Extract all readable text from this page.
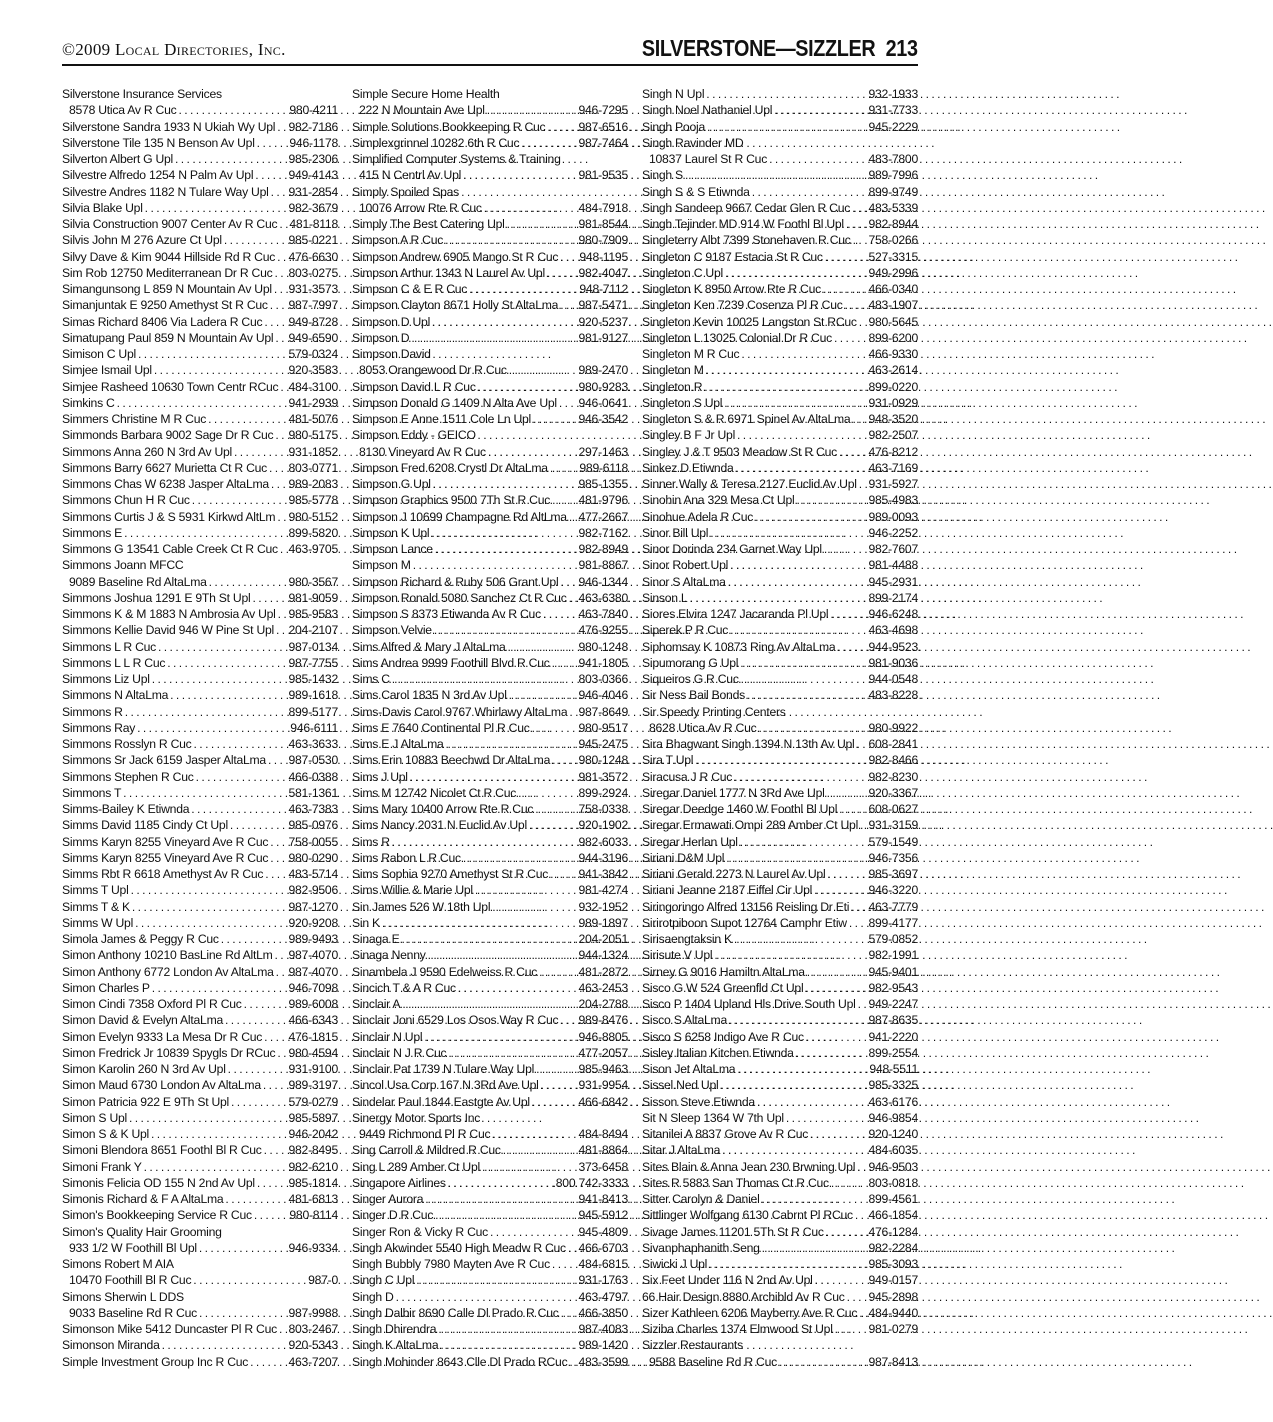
©2009 Local Directories, Inc.	SILVERSTONE—SIZZLER 213
Silverstone Insurance Services
8578 Utica Av R Cuc . . .	980-4211
Silverstone Sandra 1933 N Ukiah Wy Upl . . . 982-7186
Silverstone Tile 135 N Benson Av Upl . . .	946-1178
Silverton Albert G Upl . . .	985-2306
Silvestre Alfredo 1254 N Palm Av Upl . . .	949-4143
Silvestre Andres 1182 N Tulare Way Upl . . . 931-2854
Silvia Blake Upl . . .	982-3679
Silvia Construction 9007 Center Av R Cuc . . . 481-8118
Silvis John M 276 Azure Ct Upl . . .	985-0221
Silvy Dave & Kim 9044 Hillside Rd R Cuc . . . 476-6630
Sim Rob 12750 Mediterranean Dr R Cuc . . . 803-0275
Simangunsong L 859 N Mountain Av Upl . . . 931-3573
Simanjuntak E 9250 Amethyst St R Cuc . . . 987-7997
Simas Richard 8406 Via Ladera R Cuc . . . 949-8728
Simatupang Paul 859 N Mountain Av Upl . . . 949-6590
Simison C Upl . . .	579-0324
Simjee Ismail Upl . . .	920-3583
Simjee Rasheed 10630 Town Centr RCuc . . . 484-3100
Simkins C . . .	941-2939
Simmers Christine M R Cuc . . .	481-5076
Simmonds Barbara 9002 Sage Dr R Cuc . . . 980-5175
Simmons Anna 260 N 3rd Av Upl . . .	931-1852
Simmons Barry 6627 Murietta Ct R Cuc . . . 803-0771
Simmons Chas W 6238 Jasper AltaLma . . . 989-2083
Simmons Chun H R Cuc . . .	985-5778
Simmons Curtis J & S 5931 Kirkwd AltLm . . . 980-5152
Simmons E . . .	899-5820
Simmons G 13541 Cable Creek Ct R Cuc . . . 463-9705
Simmons Joann MFCC
9089 Baseline Rd AltaLma . . .	980-3567
Simmons Joshua 1291 E 9Th St Upl . . .	981-9059
Simmons K & M 1883 N Ambrosia Av Upl . . . 985-9583
Simmons Kellie David 946 W Pine St Upl . . . 204-2107
Simmons L R Cuc . . .	987-0134
Simmons L L R Cuc . . .	987-7755
Simmons Liz Upl . . .	985-1432
Simmons N AltaLma . . .	989-1618
Simmons R . . .	899-5177
Simmons Ray . . .	946-6111
Simmons Rosslyn R Cuc . . .	463-3633
Simmons Sr Jack 6159 Jasper AltaLma . . . 987-0530
Simmons Stephen R Cuc . . .	466-0388
Simmons T . . .	581-1361
Simms-Bailey K Etiwnda . . .	463-7383
Simms David 1185 Cindy Ct Upl . . .	985-0976
Simms Karyn 8255 Vineyard Ave R Cuc . . . 758-0055
Simms Karyn 8255 Vineyard Ave R Cuc . . . 980-0290
Simms Rbt R 6618 Amethyst Av R Cuc . . . 483-5714
Simms T Upl . . .	982-9506
Simms T & K . . .	987-1270
Simms W Upl . . .	920-9208
Simola James & Peggy R Cuc . . .	989-9493
Simon Anthony 10210 BasLine Rd AltLm . . . 987-4070
Simon Anthony 6772 London Av AltaLma . . . 987-4070
Simon Charles P . . .	946-7098
Simon Cindi 7358 Oxford Pl R Cuc . . .	989-6008
Simon David & Evelyn AltaLma . . .	466-6343
Simon Evelyn 9333 La Mesa Dr R Cuc . . . 476-1815
Simon Fredrick Jr 10839 Spygls Dr RCuc . . . 980-4594
Simon Karolin 260 N 3rd Av Upl . . .	931-9100
Simon Maud 6730 London Av AltaLma . . . 989-3197
Simon Patricia 922 E 9Th St Upl . . .	579-0279
Simon S Upl . . .	985-5897
Simon S & K Upl . . .	946-2042
Simoni Blendora 8651 Foothl Bl R Cuc . . . 982-8495
Simoni Frank Y . . .	982-6210
Simonis Felicia OD 155 N 2nd Av Upl . . .	985-1814
Simonis Richard & F A AltaLma . . .	481-6813
Simon's Bookkeeping Service R Cuc . . .	980-8114
Simon's Quality Hair Grooming
933 1/2 W Foothill Bl Upl . . .	946-9334
Simons Robert M AIA
10470 Foothill Bl R Cuc . . .	987-0
Simons Sherwin L DDS
9033 Baseline Rd R Cuc . . .	987-9988
Simonson Mike 5412 Duncaster Pl R Cuc . . . 803-2467
Simonson Miranda . . .	920-5343
Simple Investment Group Inc R Cuc . . .	463-7207
Simple Secure Home Health
222 N Mountain Ave Upl . . .	946-7295
Simple Solutions Bookkeeping R Cuc . . .	987-6516
Simplexgrinnel 10282 6th R Cuc . . .	987-7464
Simplified Computer Systems & Training
415 N Centrl Av Upl . . .	981-9535
Simply Spoiled Spas
10076 Arrow Rte R Cuc . . .	484-7918
Simply The Best Catering Upl . . .	981-8544
Simpson A R Cuc . . .	980-7909
Simpson Andrew 6905 Mango St R Cuc . . . 948-1195
Simpson Arthur 1343 N Laurel Av Upl . . .	982-4047
Simpson C & E R Cuc . . .	948-7112
Simpson Clayton 8671 Holly St AltaLma . . . 987-5471
Simpson D Upl . . .	920-5237
Simpson D . . .	981-9127
Simpson David
8053 Orangewood Dr R Cuc . . .	989-2470
Simpson David L R Cuc . . .	980-9283
Simpson Donald G 1409 N Alta Ave Upl . . . 946-0641
Simpson E Anne 1511 Cole Ln Upl . . .	946-3542
Simpson Eddy - GEICO
8130 Vineyard Av R Cuc . . .	297-1463
Simpson Fred 6208 Crystl Dr AltaLma . . .	989-6118
Simpson G Upl . . .	985-1355
Simpson Graphics 9500 7Th St R Cuc . . . 481-9796
Simpson J 10699 Champagne Rd AltLma . . . 477-2667
Simpson K Upl . . .	982-7162
Simpson Lance . . .	982-8949
Simpson M . . .	981-8867
Simpson Richard & Ruby 506 Grant Upl . . . 946-1344
Simpson Ronald 5080 Sanchez Ct R Cuc . . . 463-6380
Simpson S 8373 Etiwanda Av R Cuc . . .	463-7840
Simpson Velvie . . .	476-9255
Sims Alfred & Mary J AltaLma . . .	980-1248
Sims Andrea 9999 Foothill Blvd R Cuc . . . 941-1805
Sims C . . .	803-0366
Sims Carol 1835 N 3rd Av Upl . . .	946-4046
Sims-Davis Carol 9767 Whirlawy AltaLma . . . 987-8649
Sims E 7640 Continental Pl R Cuc . . .	980-9517
Sims E J AltaLma . . .	945-2475
Sims Erin 10883 Beechwd Dr AltaLma . . . 980-1248
Sims J Upl . . .	981-3572
Sims M 12742 Nicolet Ct R Cuc . . .	899-2924
Sims Mary 10400 Arrow Rte R Cuc . . .	758-0338
Sims Nancy 2031 N Euclid Av Upl . . .	920-1902
Sims R . . .	982-6033
Sims Rabon L R Cuc . . .	944-3196
Sims Sophia 9270 Amethyst St R Cuc . . . 941-3842
Sims Willie & Marie Upl . . .	981-4274
Sin James 526 W 18th Upl . . .	932-1952
Sin K . . .	989-1897
Sinaga E . . .	204-2051
Sinaga Nenny . . .	944-1324
Sinambela J 9590 Edelweiss R Cuc . . .	481-2872
Sincich T & A R Cuc . . .	463-2453
Sinclair A . . .	204-2788
Sinclair Joni 6529 Los Osos Way R Cuc . . . 989-8476
Sinclair N Upl . . .	946-8805
Sinclair N J R Cuc . . .	477-2057
Sinclair Pat 1739 N Tulare Way Upl . . .	985-9463
Sincol Usa Corp 167 N 3Rd Ave Upl . . .	931-9954
Sindelar Paul 1844 Eastgte Av Upl . . .	466-6842
Sinergy Motor Sports Inc
9449 Richmond Pl R Cuc . . .	484-8494
Sing Carroll & Mildred R Cuc . . .	481-8864
Sing L 289 Amber Ct Upl . . .	373-6458
Singapore Airlines . . .	.800 742-3333
Singer Aurora . . .	941-8413
Singer D R Cuc . . .	945-5912
Singer Ron & Vicky R Cuc . . .	945-4809
Singh Akwinder 5540 High Meadw R Cuc . . . 466-6703
Singh Bubbly 7980 Mayten Ave R Cuc . . . 484-6815
Singh C Upl . . .	931-1763
Singh D . . .	463-4797
Singh Dalbir 8690 Calle Dl Prado R Cuc . . . 466-3850
Singh Dhirendra . . .	987-4083
Singh K AltaLma . . .	989-1420
Singh Mohinder 8643 Clle Dl Prado RCuc . . . 483-3599
Singh N Upl . . .	932-1933
Singh Noel Nathaniel Upl . . .	931-7733
Singh Pooja . . .	945-2229
Singh Ravinder MD
10837 Laurel St R Cuc . . .	483-7800
Singh S . . .	989-7996
Singh S & S Etiwnda . . .	899-9749
Singh Sandeep 9667 Cedar Glen R Cuc . . . 483-5339
Singh Tejinder MD 914 W Foothl Bl Upl . . . 982-8944
Singleterry Albt 7399 Stonehaven R Cuc . . . 758-0266
Singleton C 9187 Estacia St R Cuc . . .	527-3315
Singleton C Upl . . .	949-2996
Singleton K 8950 Arrow Rte R Cuc . . .	466-0340
Singleton Ken 7239 Cosenza Pl R Cuc . . . 483-1907
Singleton Kevin 10025 Langston St RCuc . . . 980-5645
Singleton L 13025 Colonial Dr R Cuc . . .	899-6200
Singleton M R Cuc . . .	466-9330
Singleton M . . .	463-2614
Singleton R . . .	899-0220
Singleton S Upl . . .	931-0929
Singleton S & R 6971 Spinel Av AltaLma . . . 948-3520
Singley B F Jr Upl . . .	982-2507
Singley J & T 9503 Meadow St R Cuc . . .	476-8212
Sinkez D Etiwnda . . .	463-7169
Sinner Wally & Teresa 2127 Euclid Av Upl . . . 931-5927
Sinohin Ana 329 Mesa Ct Upl . . .	985-4983
Sinohue Adela R Cuc . . .	989-0093
Sinor Bill Upl . . .	946-2252
Sinor Dorinda 234 Garnet Way Upl . . .	982-7607
Sinor Robert Upl . . .	981-4488
Sinor S AltaLma . . .	945-2931
Sinson L . . .	899-2174
Siores Elvira 1247 Jacaranda Pl Upl . . .	946-6248
Siperek P R Cuc . . .	463-4698
Siphomsay K 10873 Ring Av AltaLma . . .	944-9523
Sipumorang G Upl . . .	981-9036
Siqueiros G R Cuc . . .	944-0548
Sir Ness Bail Bonds . . .	483-8228
Sir Speedy Printing Centers
8628 Utica Av R Cuc . . .	980-9922
Sira Bhagwant Singh 1394 N 13th Av Upl . . . 608-2841
Sira T Upl . . .	982-8466
Siracusa J R Cuc . . .	982-8230
Siregar Daniel 1777 N 3Rd Ave Upl . . .	920-3367
Siregar Deedge 1460 W Foothl Bl Upl . . .	608-0627
Siregar Ermawati Ompi 289 Amber Ct Upl . . . 931-3159
Siregar Herlan Upl . . .	579-1549
Siriani D&M Upl . . .	946-7356
Siriani Gerald 2273 N Laurel Av Upl . . .	985-3697
Siriani Jeanne 2187 Eiffel Cir Upl . . .	946-3220
Siringoringo Alfred 13156 Reisling Dr Eti . . . 463-7779
Sirirotpiboon Supot 12764 Camphr Etiw . . . 899-4177
Sirisaengtaksin K . . .	579-0852
Sirisute V Upl . . .	982-1991
Sirney G 9016 Hamiltn AltaLma . . .	945-9401
Sisco G W 524 Greenfld Ct Upl . . .	982-9543
Sisco P 1404 Upland Hls Drive South Upl . . . 949-2247
Sisco S AltaLma . . .	987-8635
Sisco S 6258 Indigo Ave R Cuc . . .	941-2220
Sisley Italian Kitchen Etiwnda . . .	899-2554
Sison Jet AltaLma . . .	948-5511
Sissel Ned Upl . . .	985-3325
Sisson Steve Etiwnda . . .	463-6176
Sit N Sleep 1364 W 7th Upl . . .	946-9854
Sitanilei A 8837 Grove Av R Cuc . . .	920-1240
Sitar J AltaLma . . .	484-6035
Sites Blain & Anna Jean 230 Brwning Upl . . . 946-9503
Sites R 5883 San Thomas Ct R Cuc . . .	803-0818
Sitter Carolyn & Daniel . . .	899-4561
Sittlinger Wolfgang 6130 Cabrnt Pl RCuc . . . 466-1854
Sivage James 11201 5Th St R Cuc . . .	476-1284
Sivanphaphanith Seng . . .	982-2284
Siwicki J Upl . . .	985-3093
Six Feet Under 116 N 2nd Av Upl . . .	949-0157
66 Hair Design 8880 Archibld Av R Cuc . . . 945-2898
Sizer Kathleen 6206 Mayberry Ave R Cuc . . . 484-9440
Siziba Charles 1374 Elmwood St Upl . . .	981-0279
Sizzler Restaurants
9588 Baseline Rd R Cuc . . .	987-8413
